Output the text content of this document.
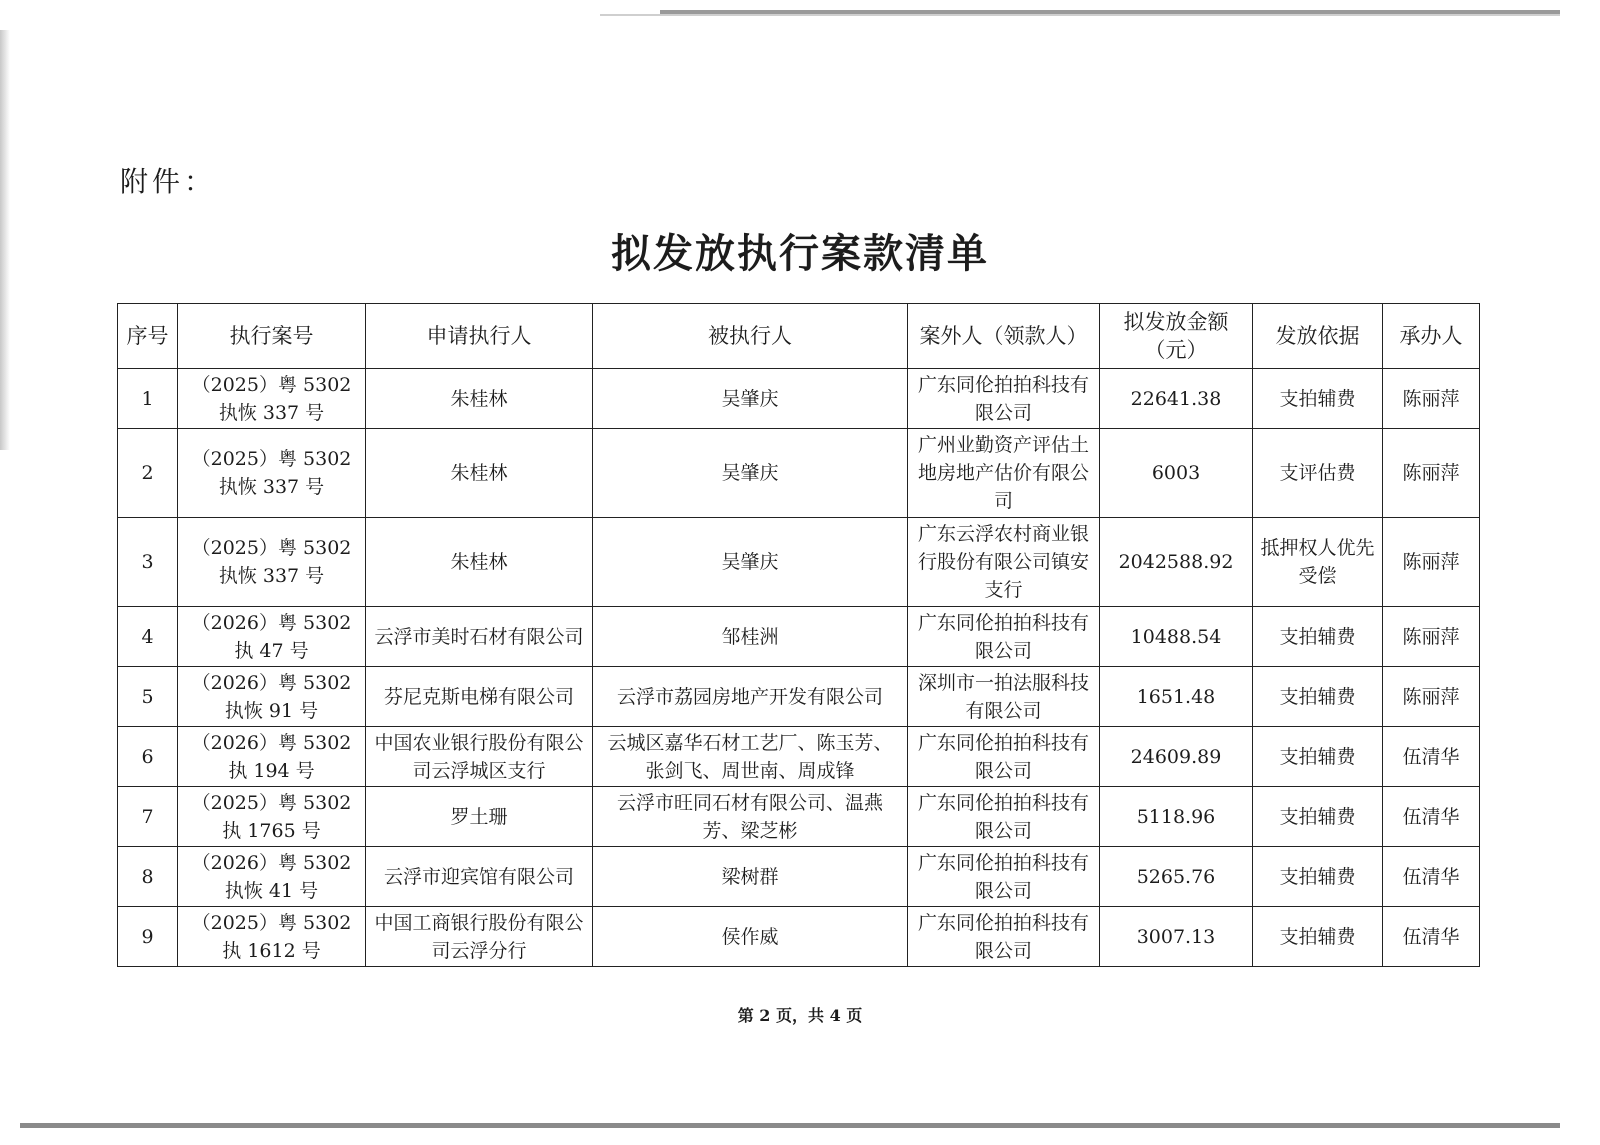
附件：
拟发放执行案款清单
序号	执行案号	申请执行人	被执行人	案外人（领款人）	拟发放金额（元）	发放依据	承办人
1	（2025）粤 5302 执恢 337 号	朱桂林	吴肇庆	广东同伦拍拍科技有限公司	22641.38	支拍辅费	陈丽萍
2	（2025）粤 5302 执恢 337 号	朱桂林	吴肇庆	广州业勤资产评估土地房地产估价有限公司	6003	支评估费	陈丽萍
3	（2025）粤 5302 执恢 337 号	朱桂林	吴肇庆	广东云浮农村商业银行股份有限公司镇安支行	2042588.92	抵押权人优先受偿	陈丽萍
4	（2026）粤 5302 执 47 号	云浮市美时石材有限公司	邹桂洲	广东同伦拍拍科技有限公司	10488.54	支拍辅费	陈丽萍
5	（2026）粤 5302 执恢 91 号	芬尼克斯电梯有限公司	云浮市荔园房地产开发有限公司	深圳市一拍法服科技有限公司	1651.48	支拍辅费	陈丽萍
6	（2026）粤 5302 执 194 号	中国农业银行股份有限公司云浮城区支行	云城区嘉华石材工艺厂、陈玉芳、张剑飞、周世南、周成锋	广东同伦拍拍科技有限公司	24609.89	支拍辅费	伍清华
7	（2025）粤 5302 执 1765 号	罗土珊	云浮市旺同石材有限公司、温燕芳、梁芝彬	广东同伦拍拍科技有限公司	5118.96	支拍辅费	伍清华
8	（2026）粤 5302 执恢 41 号	云浮市迎宾馆有限公司	梁树群	广东同伦拍拍科技有限公司	5265.76	支拍辅费	伍清华
9	（2025）粤 5302 执 1612 号	中国工商银行股份有限公司云浮分行	侯作威	广东同伦拍拍科技有限公司	3007.13	支拍辅费	伍清华
第 2 页，共 4 页
